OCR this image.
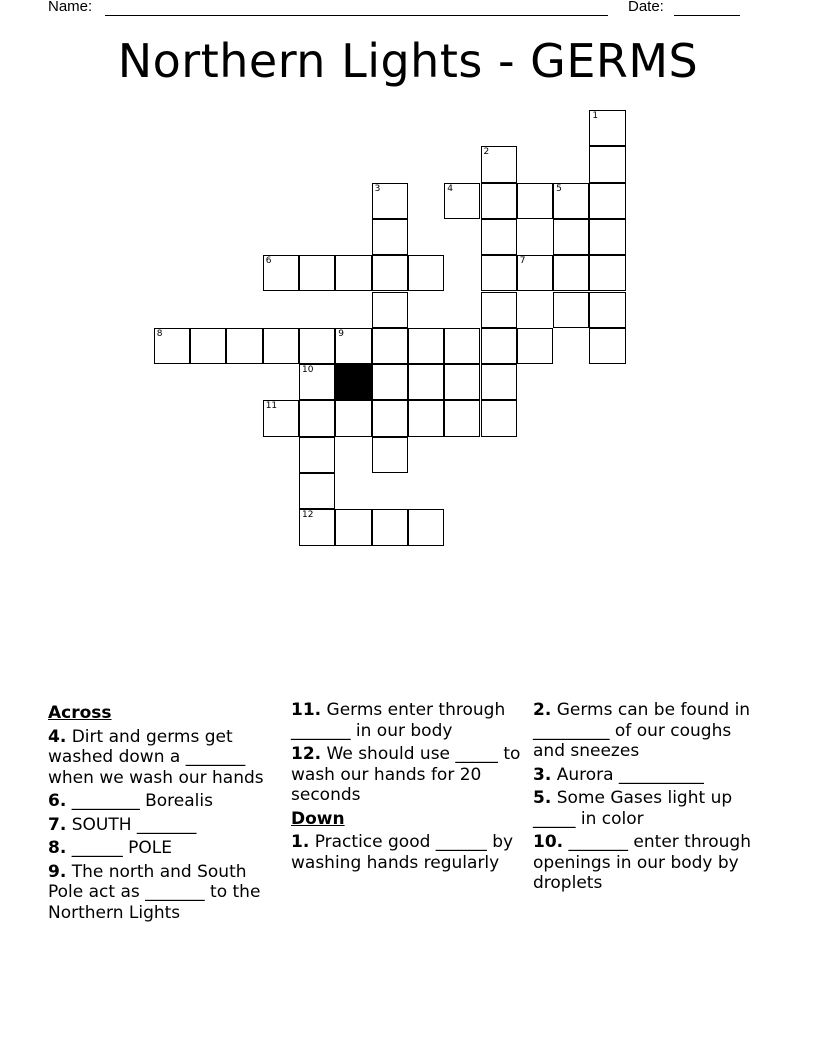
Name:	Date:
Northern Lights - GERMS
1
2
3	4	5
6	7
8	9
10
11
12
Across
4. Dirt and germs get washed down a _______ when we wash our hands
6. ________ Borealis
7. SOUTH _______
8. ______ POLE
9. The north and South Pole act as _______ to the Northern Lights
11. Germs enter through _______ in our body
12. We should use _____ to wash our hands for 20 seconds
Down
1. Practice good ______ by washing hands regularly
2. Germs can be found in _________ of our coughs and sneezes
3. Aurora __________
5. Some Gases light up _____ in color
10. _______ enter through openings in our body by droplets
